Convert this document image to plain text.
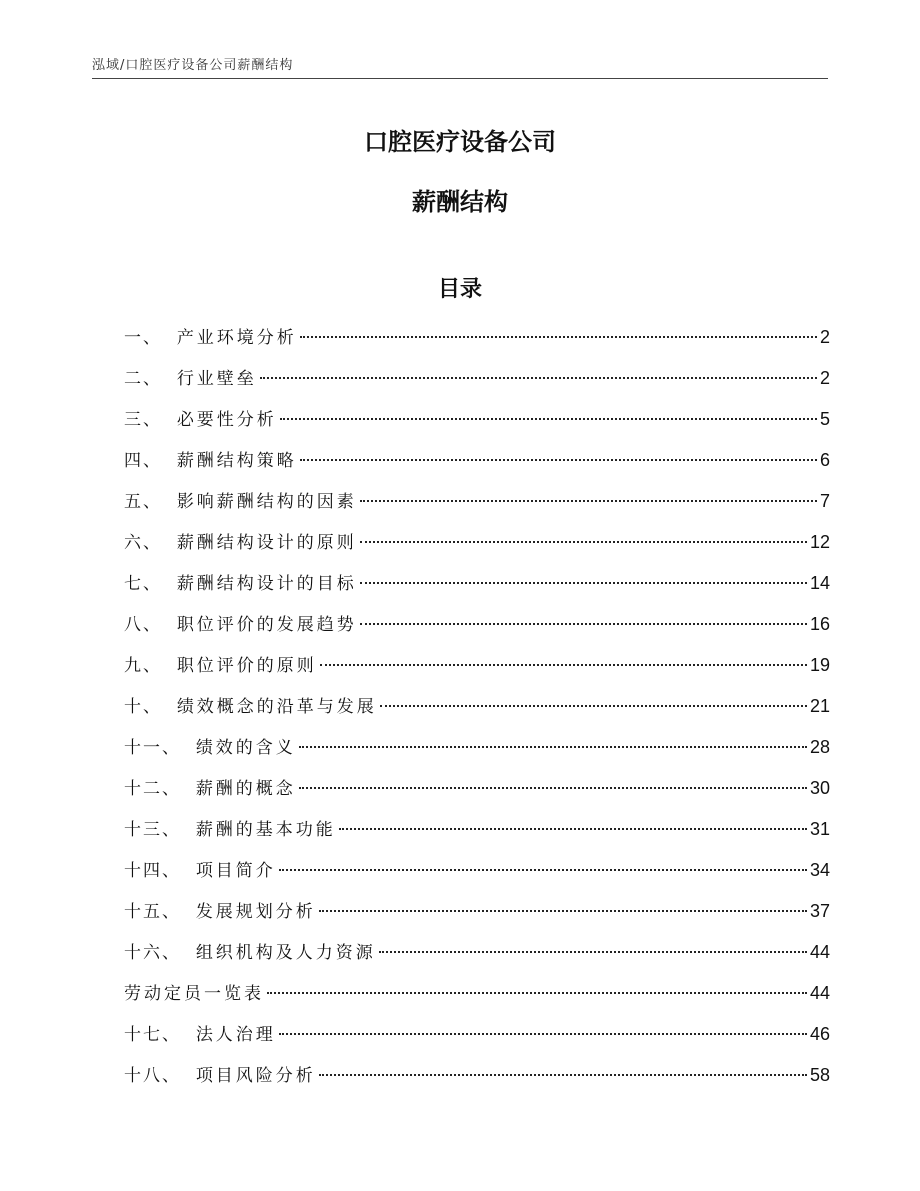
泓域/口腔医疗设备公司薪酬结构
口腔医疗设备公司
薪酬结构
目录
一、 产业环境分析	2
二、 行业壁垒	2
三、 必要性分析	5
四、 薪酬结构策略	6
五、 影响薪酬结构的因素	7
六、 薪酬结构设计的原则	12
七、 薪酬结构设计的目标	14
八、 职位评价的发展趋势	16
九、 职位评价的原则	19
十、 绩效概念的沿革与发展	21
十一、 绩效的含义	28
十二、 薪酬的概念	30
十三、 薪酬的基本功能	31
十四、 项目简介	34
十五、 发展规划分析	37
十六、 组织机构及人力资源	44
劳动定员一览表	44
十七、 法人治理	46
十八、 项目风险分析	58
